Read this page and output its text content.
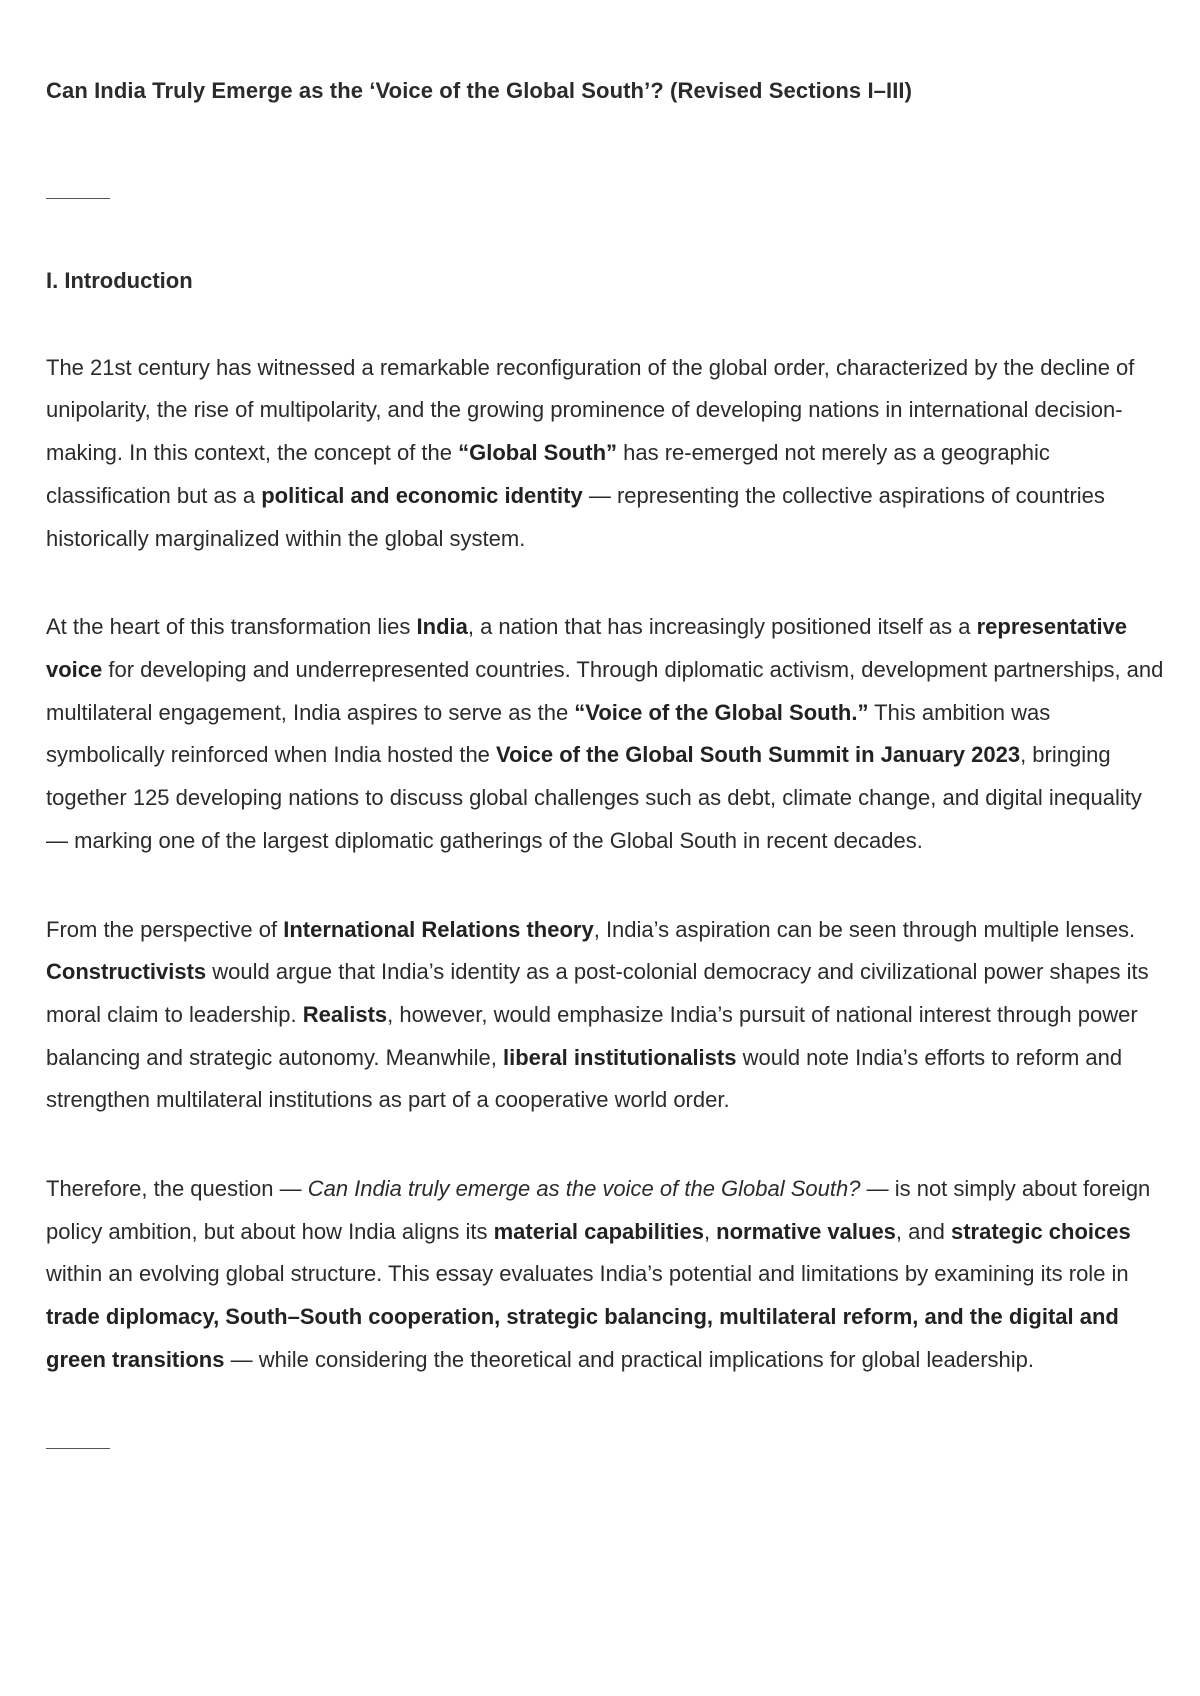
Can India Truly Emerge as the ‘Voice of the Global South’? (Revised Sections I–III)
I. Introduction

The 21st century has witnessed a remarkable reconfiguration of the global order, characterized by the decline of unipolarity, the rise of multipolarity, and the growing prominence of developing nations in international decision-making. In this context, the concept of the “Global South” has re-emerged not merely as a geographic classification but as a political and economic identity — representing the collective aspirations of countries historically marginalized within the global system.

At the heart of this transformation lies India, a nation that has increasingly positioned itself as a representative voice for developing and underrepresented countries. Through diplomatic activism, development partnerships, and multilateral engagement, India aspires to serve as the “Voice of the Global South.” This ambition was symbolically reinforced when India hosted the Voice of the Global South Summit in January 2023, bringing together 125 developing nations to discuss global challenges such as debt, climate change, and digital inequality — marking one of the largest diplomatic gatherings of the Global South in recent decades.

From the perspective of International Relations theory, India’s aspiration can be seen through multiple lenses. Constructivists would argue that India’s identity as a post-colonial democracy and civilizational power shapes its moral claim to leadership. Realists, however, would emphasize India’s pursuit of national interest through power balancing and strategic autonomy. Meanwhile, liberal institutionalists would note India’s efforts to reform and strengthen multilateral institutions as part of a cooperative world order.

Therefore, the question — Can India truly emerge as the voice of the Global South? — is not simply about foreign policy ambition, but about how India aligns its material capabilities, normative values, and strategic choices within an evolving global structure. This essay evaluates India’s potential and limitations by examining its role in trade diplomacy, South–South cooperation, strategic balancing, multilateral reform, and the digital and green transitions — while considering the theoretical and practical implications for global leadership.
